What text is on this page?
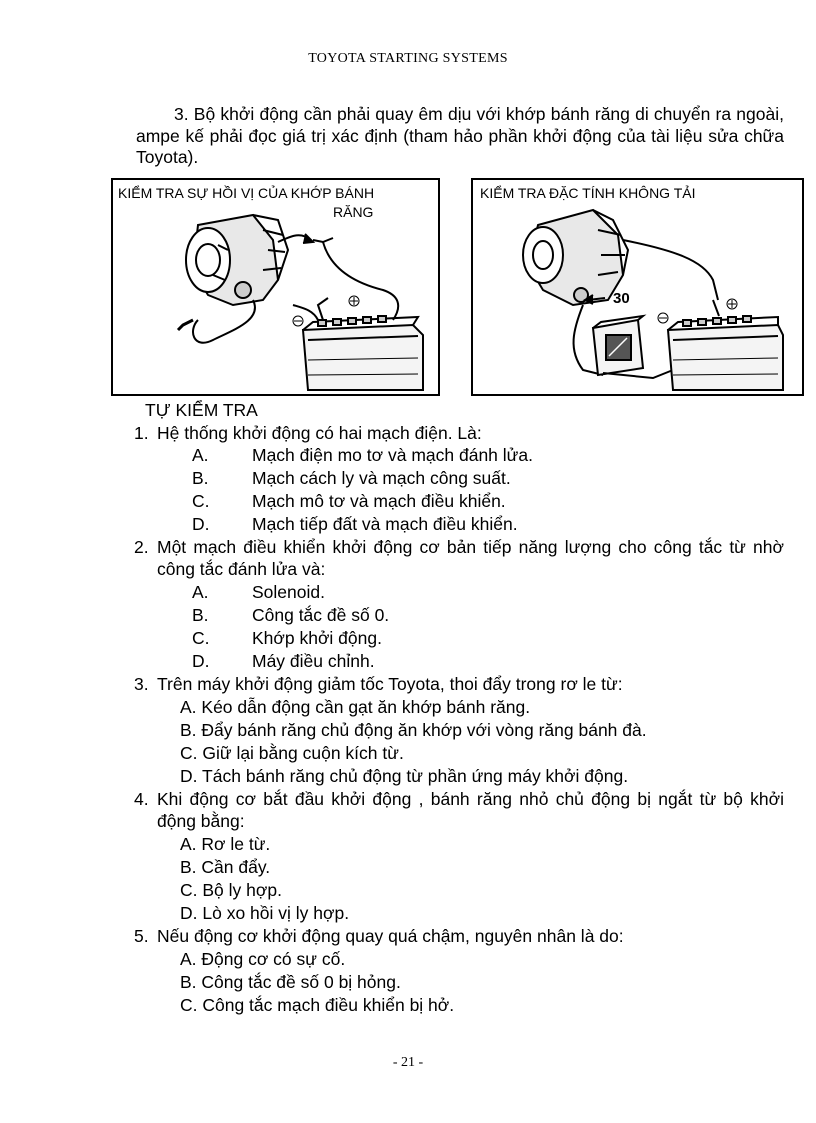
TOYOTA STARTING SYSTEMS
3. Bộ khởi động cần phải quay êm dịu với khớp bánh răng di chuyển ra ngoài, ampe kế phải đọc giá trị xác định (tham hảo phần khởi động của tài liệu sửa chữa Toyota).
KIỂM TRA SỰ HỒI VỊ CỦA KHỚP BÁNH
RĂNG
KIỂM TRA ĐẶC TÍNH KHÔNG TẢI
30
TỰ KIỂM TRA
1. Hệ thống khởi động có hai mạch điện. Là:
A. Mạch điện mo tơ và mạch đánh lửa.
B. Mạch cách ly và mạch công suất.
C. Mạch mô tơ và mạch điều khiển.
D. Mạch tiếp đất và mạch điều khiển.
2. Một mạch điều khiển khởi động cơ bản tiếp năng lượng cho công tắc từ nhờ công tắc đánh lửa và:
A. Solenoid.
B. Công tắc đề số 0.
C. Khớp khởi động.
D. Máy điều chỉnh.
3. Trên máy khởi động giảm tốc Toyota, thoi đẩy trong rơ le từ:
A. Kéo dẫn động cần gạt ăn khớp bánh răng.
B. Đẩy bánh răng chủ động ăn khớp với vòng răng bánh đà.
C. Giữ lại bằng cuộn kích từ.
D. Tách bánh răng chủ động từ phần ứng máy khởi động.
4. Khi động cơ bắt đầu khởi động , bánh răng nhỏ chủ động bị ngắt từ bộ khởi động bằng:
A. Rơ le từ.
B. Cần đẩy.
C. Bộ ly hợp.
D. Lò xo hồi vị ly hợp.
5. Nếu động cơ khởi động quay quá chậm, nguyên nhân là do:
A. Động cơ có sự cố.
B. Công tắc đề số 0 bị hỏng.
C. Công tắc mạch điều khiển bị hở.
- 21 -
